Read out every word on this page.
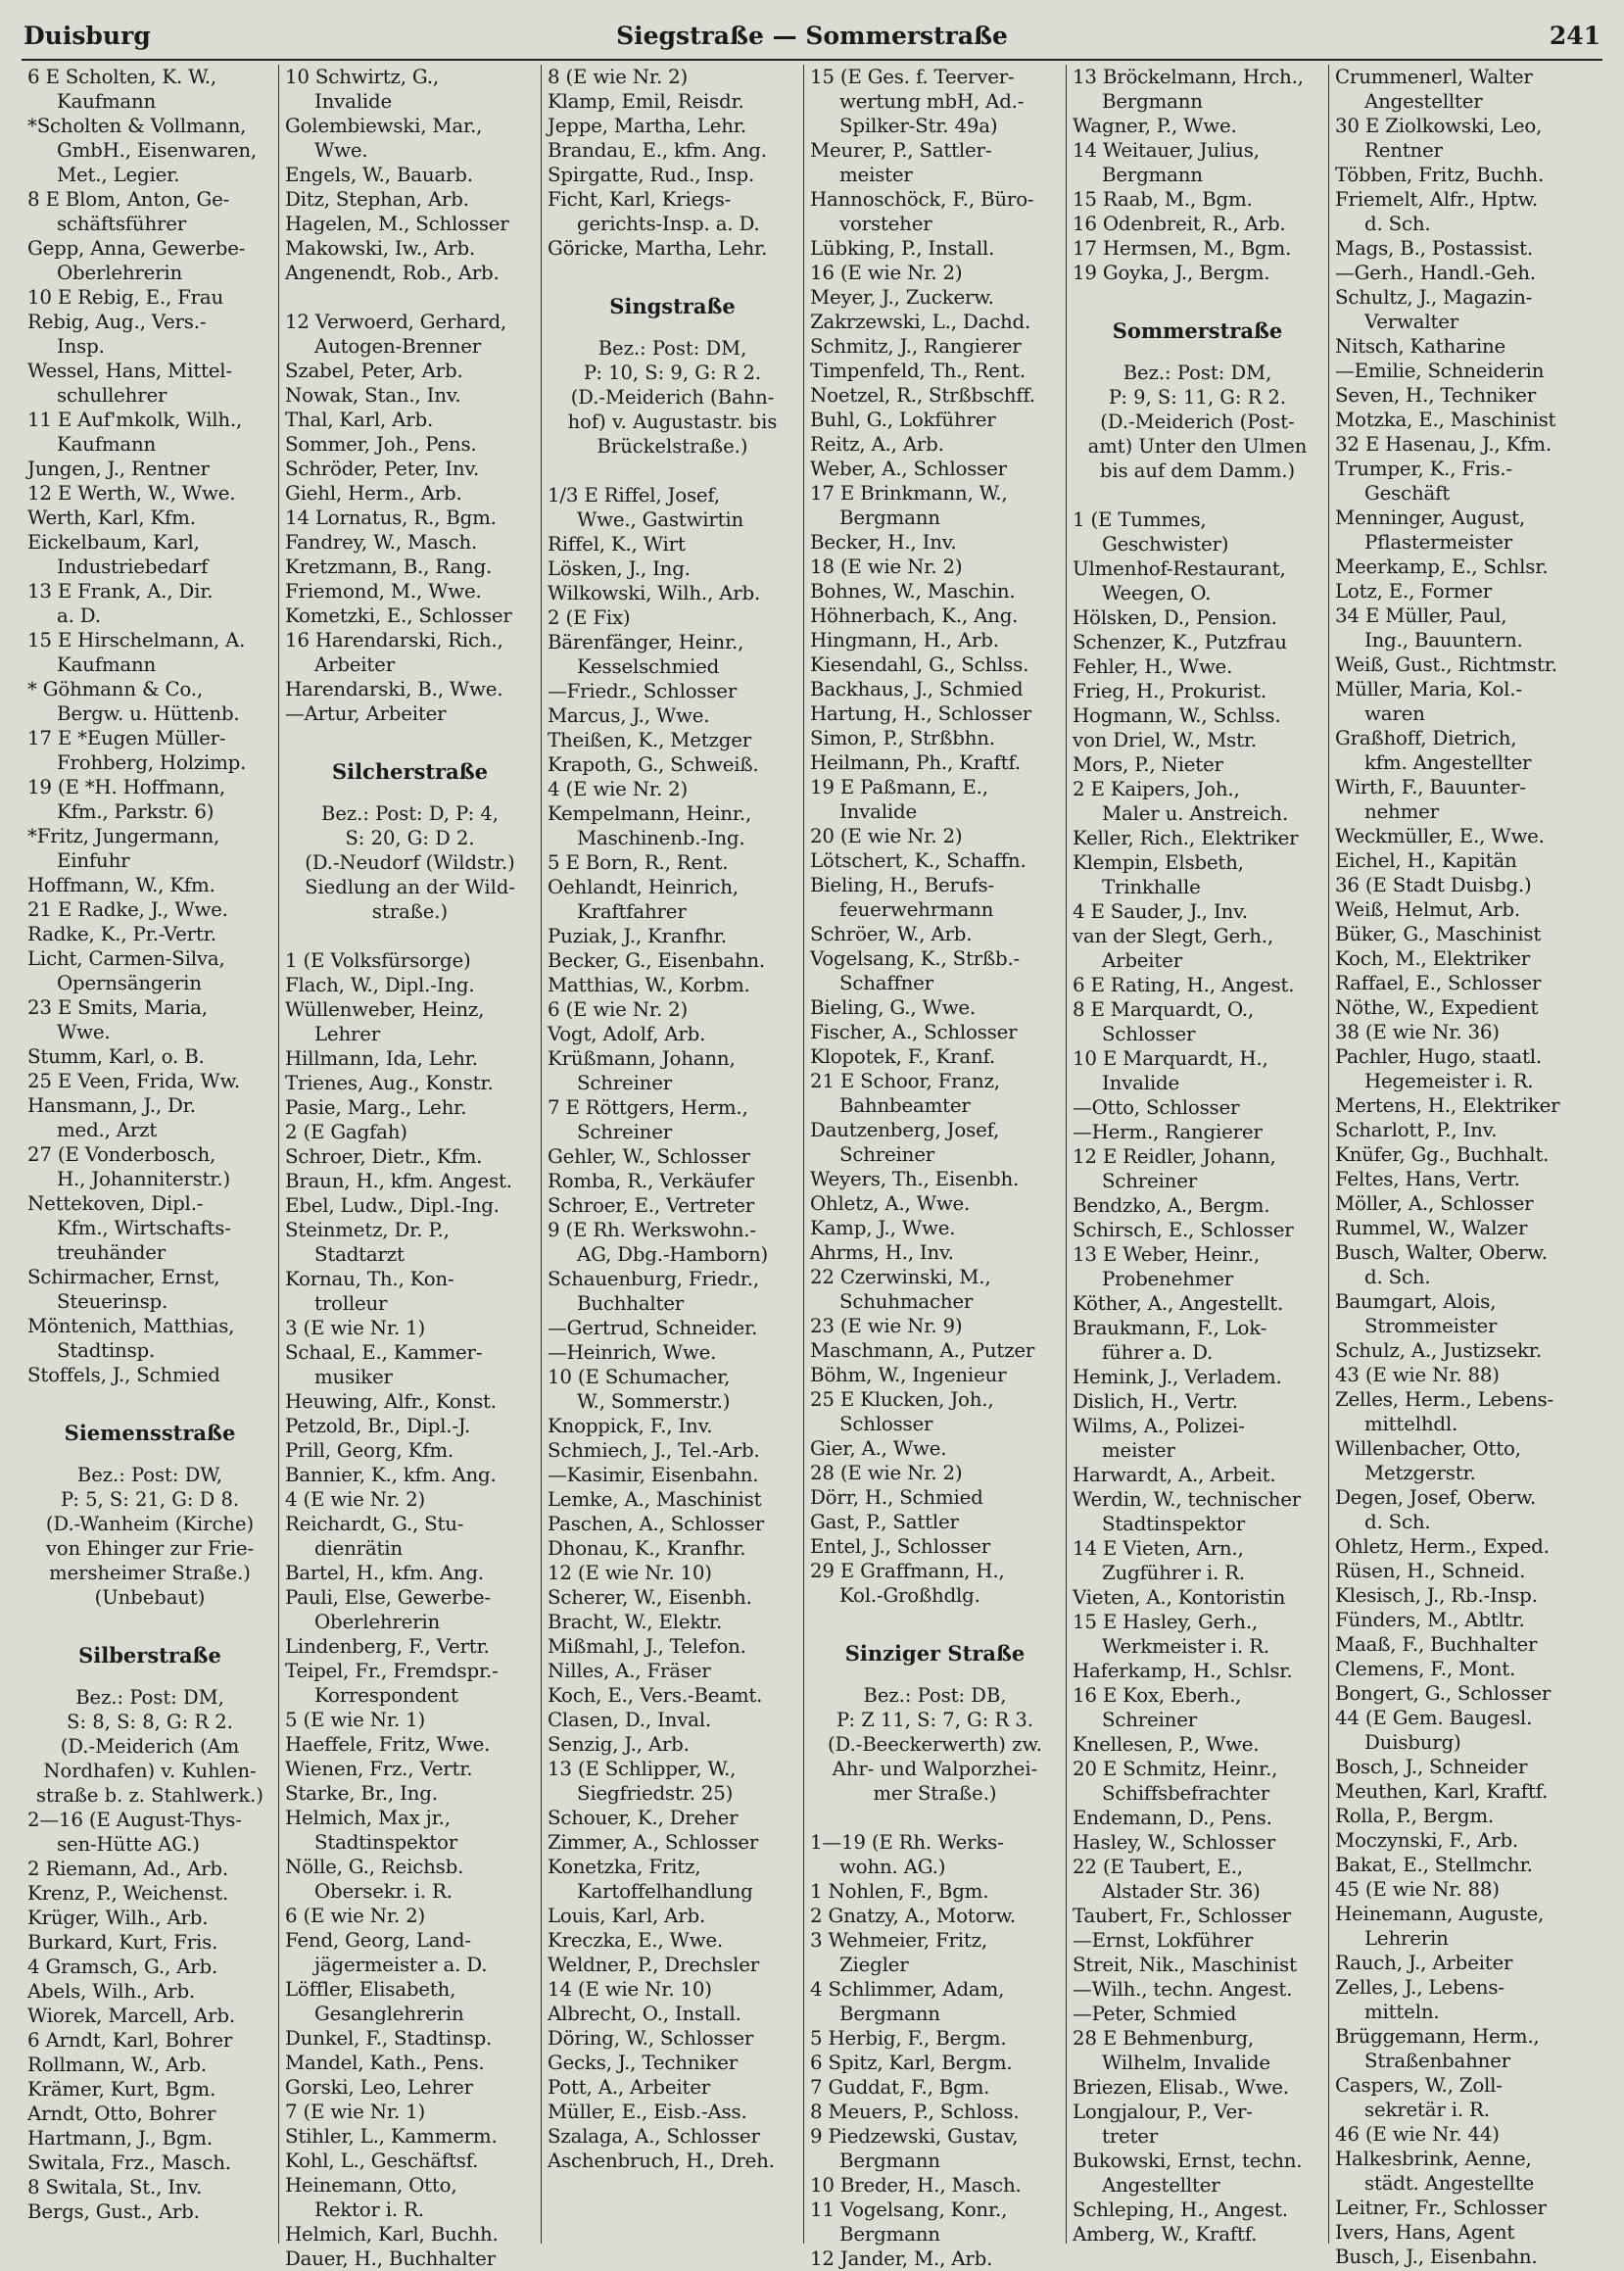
Siegstraße — Sommerstraße
Duisburg	241
6 E Scholten, K. W.,
Kaufmann
*Scholten & Vollmann,
GmbH., Eisenwaren,
Met., Legier.
8 E Blom, Anton, Ge-
schäftsführer
Gepp, Anna, Gewerbe-
Oberlehrerin
10 E Rebig, E., Frau
Rebig, Aug., Vers.-
Insp.
Wessel, Hans, Mittel-
schullehrer
11 E Auf'mkolk, Wilh.,
Kaufmann
Jungen, J., Rentner
12 E Werth, W., Wwe.
Werth, Karl, Kfm.
Eickelbaum, Karl,
Industriebedarf
13 E Frank, A., Dir.
a. D.
15 E Hirschelmann, A.
Kaufmann
* Göhmann & Co.,
Bergw. u. Hüttenb.
17 E *Eugen Müller-
Frohberg, Holzimp.
19 (E *H. Hoffmann,
Kfm., Parkstr. 6)
*Fritz, Jungermann,
Einfuhr
Hoffmann, W., Kfm.
21 E Radke, J., Wwe.
Radke, K., Pr.-Vertr.
Licht, Carmen-Silva,
Opernsängerin
23 E Smits, Maria,
Wwe.
Stumm, Karl, o. B.
25 E Veen, Frida, Ww.
Hansmann, J., Dr.
med., Arzt
27 (E Vonderbosch,
H., Johanniterstr.)
Nettekoven, Dipl.-
Kfm., Wirtschafts-
treuhänder
Schirmacher, Ernst,
Steuerinsp.
Möntenich, Matthias,
Stadtinsp.
Stoffels, J., Schmied
Siemensstraße
Bez.: Post: DW,
P: 5, S: 21, G: D 8.
(D.-Wanheim (Kirche)
von Ehinger zur Frie-
mersheimer Straße.)
(Unbebaut)
Silberstraße
Bez.: Post: DM,
S: 8, S: 8, G: R 2.
(D.-Meiderich (Am
Nordhafen) v. Kuhlen-
straße b. z. Stahlwerk.)
2—16 (E August-Thys-
sen-Hütte AG.)
2 Riemann, Ad., Arb.
Krenz, P., Weichenst.
Krüger, Wilh., Arb.
Burkard, Kurt, Fris.
4 Gramsch, G., Arb.
Abels, Wilh., Arb.
Wiorek, Marcell, Arb.
6 Arndt, Karl, Bohrer
Rollmann, W., Arb.
Krämer, Kurt, Bgm.
Arndt, Otto, Bohrer
Hartmann, J., Bgm.
Switala, Frz., Masch.
8 Switala, St., Inv.
Bergs, Gust., Arb.
10 Schwirtz, G.,
Invalide
Golembiewski, Mar.,
Wwe.
Engels, W., Bauarb.
Ditz, Stephan, Arb.
Hagelen, M., Schlosser
Makowski, Iw., Arb.
Angenendt, Rob., Arb.
12 Verwoerd, Gerhard,
Autogen-Brenner
Szabel, Peter, Arb.
Nowak, Stan., Inv.
Thal, Karl, Arb.
Sommer, Joh., Pens.
Schröder, Peter, Inv.
Giehl, Herm., Arb.
14 Lornatus, R., Bgm.
Fandrey, W., Masch.
Kretzmann, B., Rang.
Friemond, M., Wwe.
Kometzki, E., Schlosser
16 Harendarski, Rich.,
Arbeiter
Harendarski, B., Wwe.
—Artur, Arbeiter
Silcherstraße
Bez.: Post: D, P: 4,
S: 20, G: D 2.
(D.-Neudorf (Wildstr.)
Siedlung an der Wild-
straße.)
1 (E Volksfürsorge)
Flach, W., Dipl.-Ing.
Wüllenweber, Heinz,
Lehrer
Hillmann, Ida, Lehr.
Trienes, Aug., Konstr.
Pasie, Marg., Lehr.
2 (E Gagfah)
Schroer, Dietr., Kfm.
Braun, H., kfm. Angest.
Ebel, Ludw., Dipl.-Ing.
Steinmetz, Dr. P.,
Stadtarzt
Kornau, Th., Kon-
trolleur
3 (E wie Nr. 1)
Schaal, E., Kammer-
musiker
Heuwing, Alfr., Konst.
Petzold, Br., Dipl.-J.
Prill, Georg, Kfm.
Bannier, K., kfm. Ang.
4 (E wie Nr. 2)
Reichardt, G., Stu-
dienrätin
Bartel, H., kfm. Ang.
Pauli, Else, Gewerbe-
Oberlehrerin
Lindenberg, F., Vertr.
Teipel, Fr., Fremdspr.-
Korrespondent
5 (E wie Nr. 1)
Haeffele, Fritz, Wwe.
Wienen, Frz., Vertr.
Starke, Br., Ing.
Helmich, Max jr.,
Stadtinspektor
Nölle, G., Reichsb.
Obersekr. i. R.
6 (E wie Nr. 2)
Fend, Georg, Land-
jägermeister a. D.
Löffler, Elisabeth,
Gesanglehrerin
Dunkel, F., Stadtinsp.
Mandel, Kath., Pens.
Gorski, Leo, Lehrer
7 (E wie Nr. 1)
Stihler, L., Kammerm.
Kohl, L., Geschäftsf.
Heinemann, Otto,
Rektor i. R.
Helmich, Karl, Buchh.
Dauer, H., Buchhalter
8 (E wie Nr. 2)
Klamp, Emil, Reisdr.
Jeppe, Martha, Lehr.
Brandau, E., kfm. Ang.
Spirgatte, Rud., Insp.
Ficht, Karl, Kriegs-
gerichts-Insp. a. D.
Göricke, Martha, Lehr.
Singstraße
Bez.: Post: DM,
P: 10, S: 9, G: R 2.
(D.-Meiderich (Bahn-
hof) v. Augustastr. bis
Brückelstraße.)
1/3 E Riffel, Josef,
Wwe., Gastwirtin
Riffel, K., Wirt
Lösken, J., Ing.
Wilkowski, Wilh., Arb.
2 (E Fix)
Bärenfänger, Heinr.,
Kesselschmied
—Friedr., Schlosser
Marcus, J., Wwe.
Theißen, K., Metzger
Krapoth, G., Schweiß.
4 (E wie Nr. 2)
Kempelmann, Heinr.,
Maschinenb.-Ing.
5 E Born, R., Rent.
Oehlandt, Heinrich,
Kraftfahrer
Puziak, J., Kranfhr.
Becker, G., Eisenbahn.
Matthias, W., Korbm.
6 (E wie Nr. 2)
Vogt, Adolf, Arb.
Krüßmann, Johann,
Schreiner
7 E Röttgers, Herm.,
Schreiner
Gehler, W., Schlosser
Romba, R., Verkäufer
Schroer, E., Vertreter
9 (E Rh. Werkswohn.-
AG, Dbg.-Hamborn)
Schauenburg, Friedr.,
Buchhalter
—Gertrud, Schneider.
—Heinrich, Wwe.
10 (E Schumacher,
W., Sommerstr.)
Knoppick, F., Inv.
Schmiech, J., Tel.-Arb.
—Kasimir, Eisenbahn.
Lemke, A., Maschinist
Paschen, A., Schlosser
Dhonau, K., Kranfhr.
12 (E wie Nr. 10)
Scherer, W., Eisenbh.
Bracht, W., Elektr.
Mißmahl, J., Telefon.
Nilles, A., Fräser
Koch, E., Vers.-Beamt.
Clasen, D., Inval.
Senzig, J., Arb.
13 (E Schlipper, W.,
Siegfriedstr. 25)
Schouer, K., Dreher
Zimmer, A., Schlosser
Konetzka, Fritz,
Kartoffelhandlung
Louis, Karl, Arb.
Kreczka, E., Wwe.
Weldner, P., Drechsler
14 (E wie Nr. 10)
Albrecht, O., Install.
Döring, W., Schlosser
Gecks, J., Techniker
Pott, A., Arbeiter
Müller, E., Eisb.-Ass.
Szalaga, A., Schlosser
Aschenbruch, H., Dreh.
15 (E Ges. f. Teerver-
wertung mbH, Ad.-
Spilker-Str. 49a)
Meurer, P., Sattler-
meister
Hannoschöck, F., Büro-
vorsteher
Lübking, P., Install.
16 (E wie Nr. 2)
Meyer, J., Zuckerw.
Zakrzewski, L., Dachd.
Schmitz, J., Rangierer
Timpenfeld, Th., Rent.
Noetzel, R., Strßbschff.
Buhl, G., Lokführer
Reitz, A., Arb.
Weber, A., Schlosser
17 E Brinkmann, W.,
Bergmann
Becker, H., Inv.
18 (E wie Nr. 2)
Bohnes, W., Maschin.
Höhnerbach, K., Ang.
Hingmann, H., Arb.
Kiesendahl, G., Schlss.
Backhaus, J., Schmied
Hartung, H., Schlosser
Simon, P., Strßbhn.
Heilmann, Ph., Kraftf.
19 E Paßmann, E.,
Invalide
20 (E wie Nr. 2)
Lötschert, K., Schaffn.
Bieling, H., Berufs-
feuerwehrmann
Schröer, W., Arb.
Vogelsang, K., Strßb.-
Schaffner
Bieling, G., Wwe.
Fischer, A., Schlosser
Klopotek, F., Kranf.
21 E Schoor, Franz,
Bahnbeamter
Dautzenberg, Josef,
Schreiner
Weyers, Th., Eisenbh.
Ohletz, A., Wwe.
Kamp, J., Wwe.
Ahrms, H., Inv.
22 Czerwinski, M.,
Schuhmacher
23 (E wie Nr. 9)
Maschmann, A., Putzer
Böhm, W., Ingenieur
25 E Klucken, Joh.,
Schlosser
Gier, A., Wwe.
28 (E wie Nr. 2)
Dörr, H., Schmied
Gast, P., Sattler
Entel, J., Schlosser
29 E Graffmann, H.,
Kol.-Großhdlg.
Sinziger Straße
Bez.: Post: DB,
P: Z 11, S: 7, G: R 3.
(D.-Beeckerwerth) zw.
Ahr- und Walporzhei-
mer Straße.)
1—19 (E Rh. Werks-
wohn. AG.)
1 Nohlen, F., Bgm.
2 Gnatzy, A., Motorw.
3 Wehmeier, Fritz,
Ziegler
4 Schlimmer, Adam,
Bergmann
5 Herbig, F., Bergm.
6 Spitz, Karl, Bergm.
7 Guddat, F., Bgm.
8 Meuers, P., Schloss.
9 Piedzewski, Gustav,
Bergmann
10 Breder, H., Masch.
11 Vogelsang, Konr.,
Bergmann
12 Jander, M., Arb.
13 Bröckelmann, Hrch.,
Bergmann
Wagner, P., Wwe.
14 Weitauer, Julius,
Bergmann
15 Raab, M., Bgm.
16 Odenbreit, R., Arb.
17 Hermsen, M., Bgm.
19 Goyka, J., Bergm.
Sommerstraße
Bez.: Post: DM,
P: 9, S: 11, G: R 2.
(D.-Meiderich (Post-
amt) Unter den Ulmen
bis auf dem Damm.)
1 (E Tummes,
Geschwister)
Ulmenhof-Restaurant,
Weegen, O.
Hölsken, D., Pension.
Schenzer, K., Putzfrau
Fehler, H., Wwe.
Frieg, H., Prokurist.
Hogmann, W., Schlss.
von Driel, W., Mstr.
Mors, P., Nieter
2 E Kaipers, Joh.,
Maler u. Anstreich.
Keller, Rich., Elektriker
Klempin, Elsbeth,
Trinkhalle
4 E Sauder, J., Inv.
van der Slegt, Gerh.,
Arbeiter
6 E Rating, H., Angest.
8 E Marquardt, O.,
Schlosser
10 E Marquardt, H.,
Invalide
—Otto, Schlosser
—Herm., Rangierer
12 E Reidler, Johann,
Schreiner
Bendzko, A., Bergm.
Schirsch, E., Schlosser
13 E Weber, Heinr.,
Probenehmer
Köther, A., Angestellt.
Braukmann, F., Lok-
führer a. D.
Hemink, J., Verladem.
Dislich, H., Vertr.
Wilms, A., Polizei-
meister
Harwardt, A., Arbeit.
Werdin, W., technischer
Stadtinspektor
14 E Vieten, Arn.,
Zugführer i. R.
Vieten, A., Kontoristin
15 E Hasley, Gerh.,
Werkmeister i. R.
Haferkamp, H., Schlsr.
16 E Kox, Eberh.,
Schreiner
Knellesen, P., Wwe.
20 E Schmitz, Heinr.,
Schiffsbefrachter
Endemann, D., Pens.
Hasley, W., Schlosser
22 (E Taubert, E.,
Alstader Str. 36)
Taubert, Fr., Schlosser
—Ernst, Lokführer
Streit, Nik., Maschinist
—Wilh., techn. Angest.
—Peter, Schmied
28 E Behmenburg,
Wilhelm, Invalide
Briezen, Elisab., Wwe.
Longjalour, P., Ver-
treter
Bukowski, Ernst, techn.
Angestellter
Schleping, H., Angest.
Amberg, W., Kraftf.
Crummenerl, Walter
Angestellter
30 E Ziolkowski, Leo,
Rentner
Többen, Fritz, Buchh.
Friemelt, Alfr., Hptw.
d. Sch.
Mags, B., Postassist.
—Gerh., Handl.-Geh.
Schultz, J., Magazin-
Verwalter
Nitsch, Katharine
—Emilie, Schneiderin
Seven, H., Techniker
Motzka, E., Maschinist
32 E Hasenau, J., Kfm.
Trumper, K., Fris.-
Geschäft
Menninger, August,
Pflastermeister
Meerkamp, E., Schlsr.
Lotz, E., Former
34 E Müller, Paul,
Ing., Bauuntern.
Weiß, Gust., Richtmstr.
Müller, Maria, Kol.-
waren
Graßhoff, Dietrich,
kfm. Angestellter
Wirth, F., Bauunter-
nehmer
Weckmüller, E., Wwe.
Eichel, H., Kapitän
36 (E Stadt Duisbg.)
Weiß, Helmut, Arb.
Büker, G., Maschinist
Koch, M., Elektriker
Raffael, E., Schlosser
Nöthe, W., Expedient
38 (E wie Nr. 36)
Pachler, Hugo, staatl.
Hegemeister i. R.
Mertens, H., Elektriker
Scharlott, P., Inv.
Knüfer, Gg., Buchhalt.
Feltes, Hans, Vertr.
Möller, A., Schlosser
Rummel, W., Walzer
Busch, Walter, Oberw.
d. Sch.
Baumgart, Alois,
Strommeister
Schulz, A., Justizsekr.
43 (E wie Nr. 88)
Zelles, Herm., Lebens-
mittelhdl.
Willenbacher, Otto,
Metzgerstr.
Degen, Josef, Oberw.
d. Sch.
Ohletz, Herm., Exped.
Rüsen, H., Schneid.
Klesisch, J., Rb.-Insp.
Fünders, M., Abtltr.
Maaß, F., Buchhalter
Clemens, F., Mont.
Bongert, G., Schlosser
44 (E Gem. Baugesl.
Duisburg)
Bosch, J., Schneider
Meuthen, Karl, Kraftf.
Rolla, P., Bergm.
Moczynski, F., Arb.
Bakat, E., Stellmchr.
45 (E wie Nr. 88)
Heinemann, Auguste,
Lehrerin
Rauch, J., Arbeiter
Zelles, J., Lebens-
mitteln.
Brüggemann, Herm.,
Straßenbahner
Caspers, W., Zoll-
sekretär i. R.
46 (E wie Nr. 44)
Halkesbrink, Aenne,
städt. Angestellte
Leitner, Fr., Schlosser
Ivers, Hans, Agent
Busch, J., Eisenbahn.
